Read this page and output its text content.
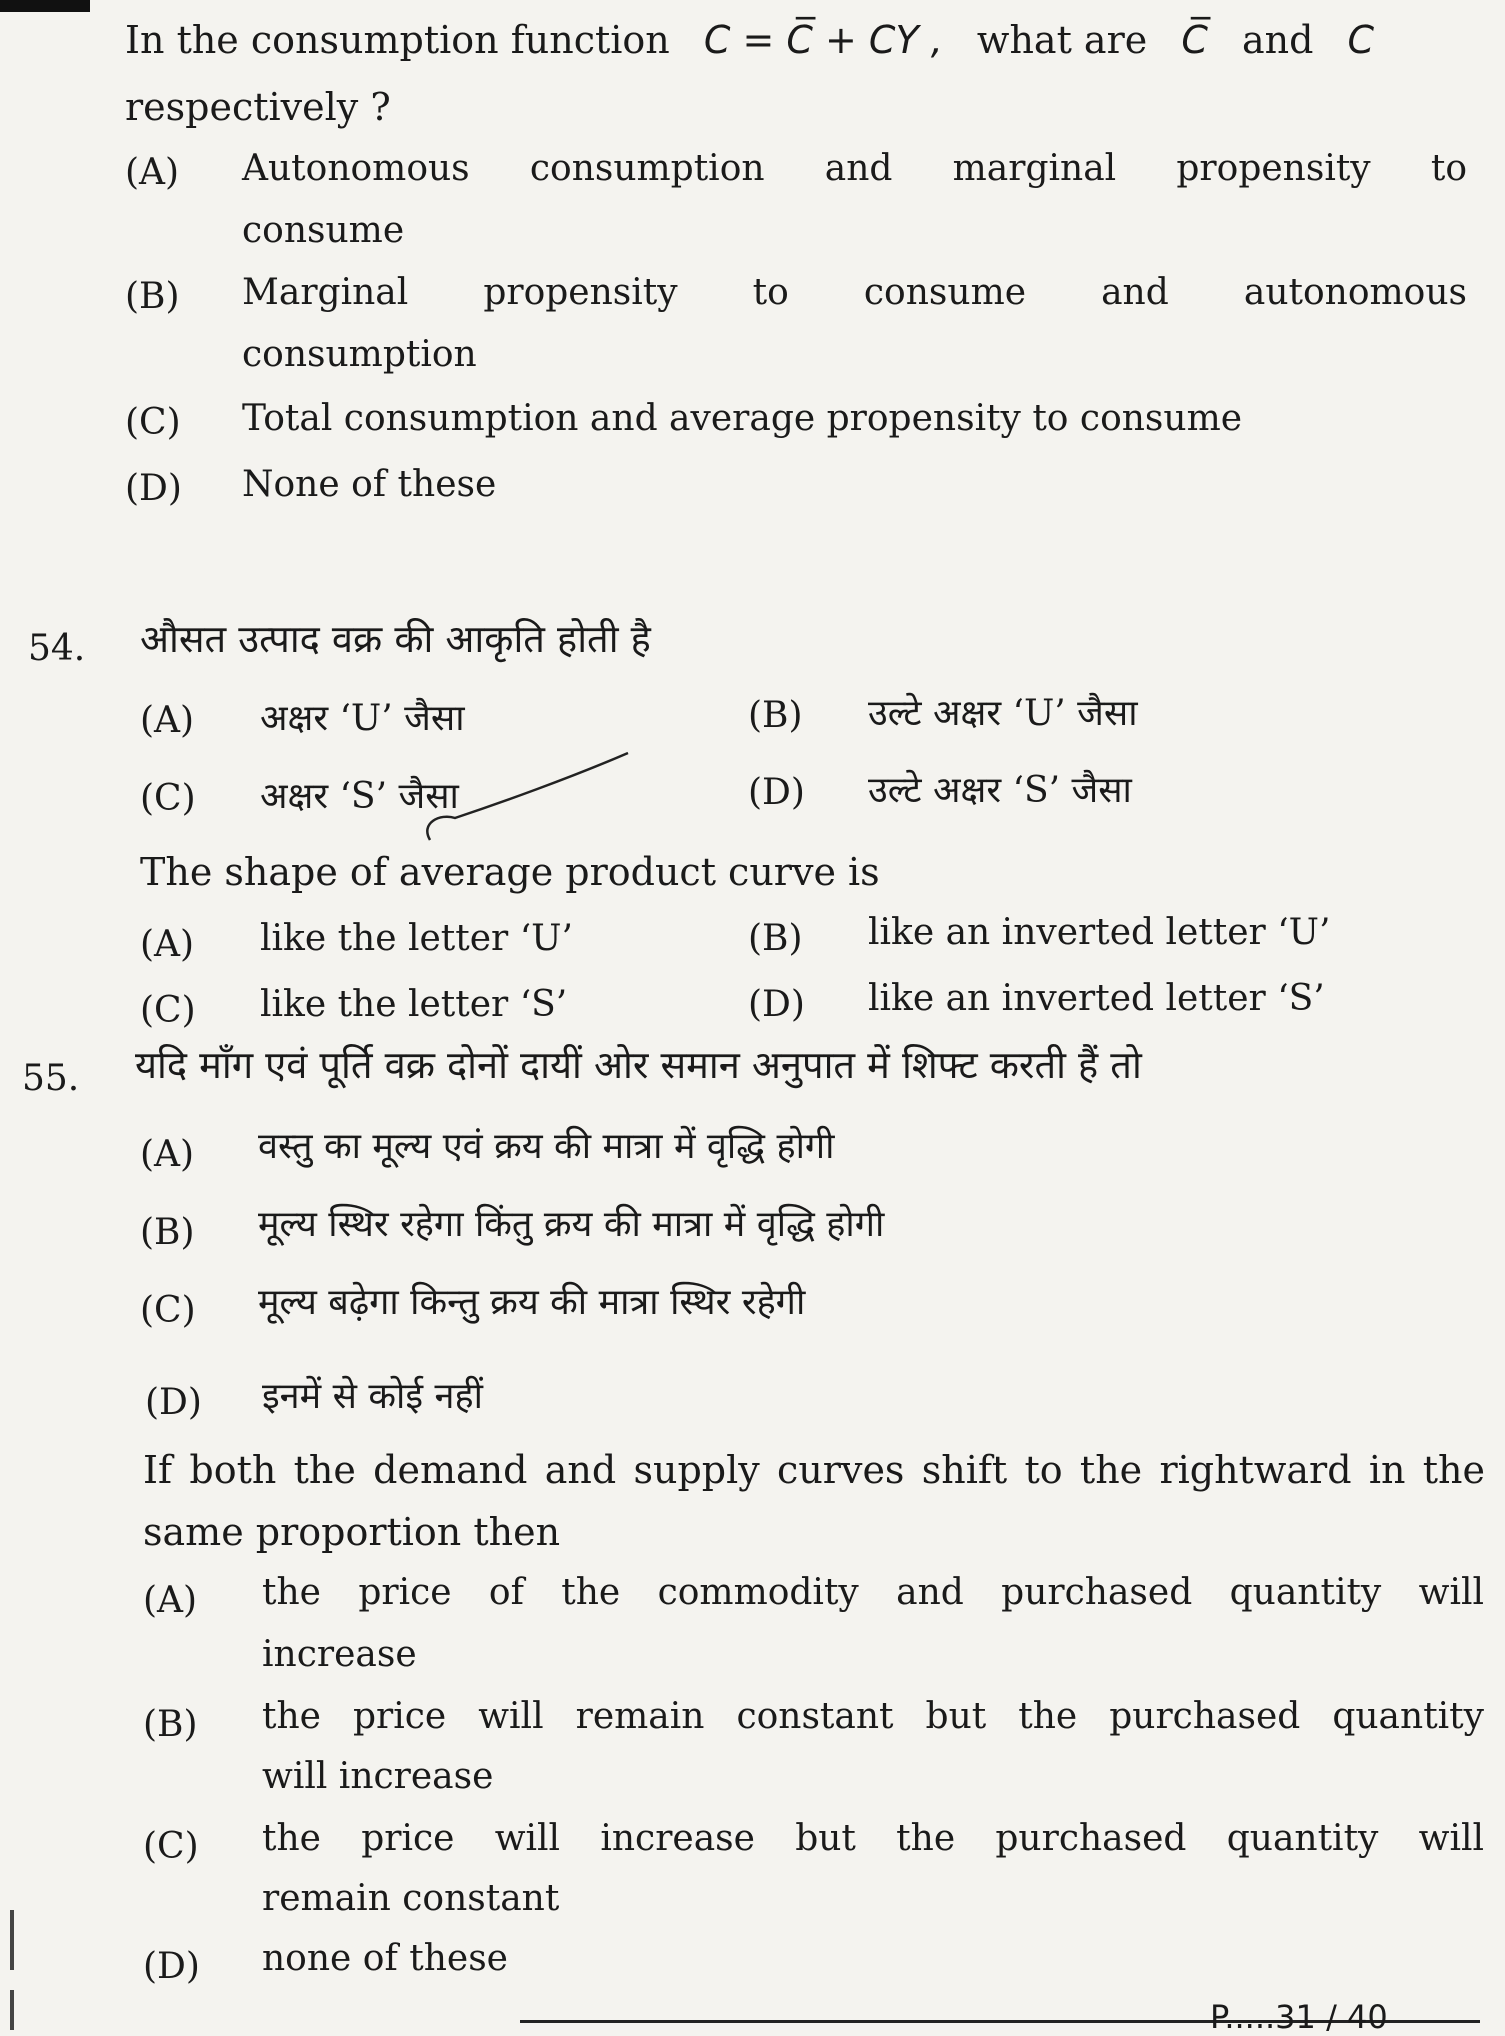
In the consumption function C = C̅ + CY , what are C̅ and C
respectively ?
(A) Autonomous consumption and marginal propensity to
consume
(B) Marginal propensity to consume and autonomous
consumption
(C) Total consumption and average propensity to consume
(D) None of these
54. औसत उत्पाद वक्र की आकृति होती है
(A) अक्षर ‘U’ जैसा	(B) उल्टे अक्षर ‘U’ जैसा
(C) अक्षर ‘S’ जैसा	(D) उल्टे अक्षर ‘S’ जैसा
The shape of average product curve is
(A) like the letter ‘U’	(B) like an inverted letter ‘U’
(C) like the letter ‘S’	(D) like an inverted letter ‘S’
55. यदि माँग एवं पूर्ति वक्र दोनों दायीं ओर समान अनुपात में शिफ्ट करती हैं तो
(A) वस्तु का मूल्य एवं क्रय की मात्रा में वृद्धि होगी
(B) मूल्य स्थिर रहेगा किंतु क्रय की मात्रा में वृद्धि होगी
(C) मूल्य बढ़ेगा किन्तु क्रय की मात्रा स्थिर रहेगी
(D) इनमें से कोई नहीं
If both the demand and supply curves shift to the rightward in the
same proportion then
(A) the price of the commodity and purchased quantity will
increase
(B) the price will remain constant but the purchased quantity
will increase
(C) the price will increase but the purchased quantity will
remain constant
(D) none of these
P.....31 / 40
